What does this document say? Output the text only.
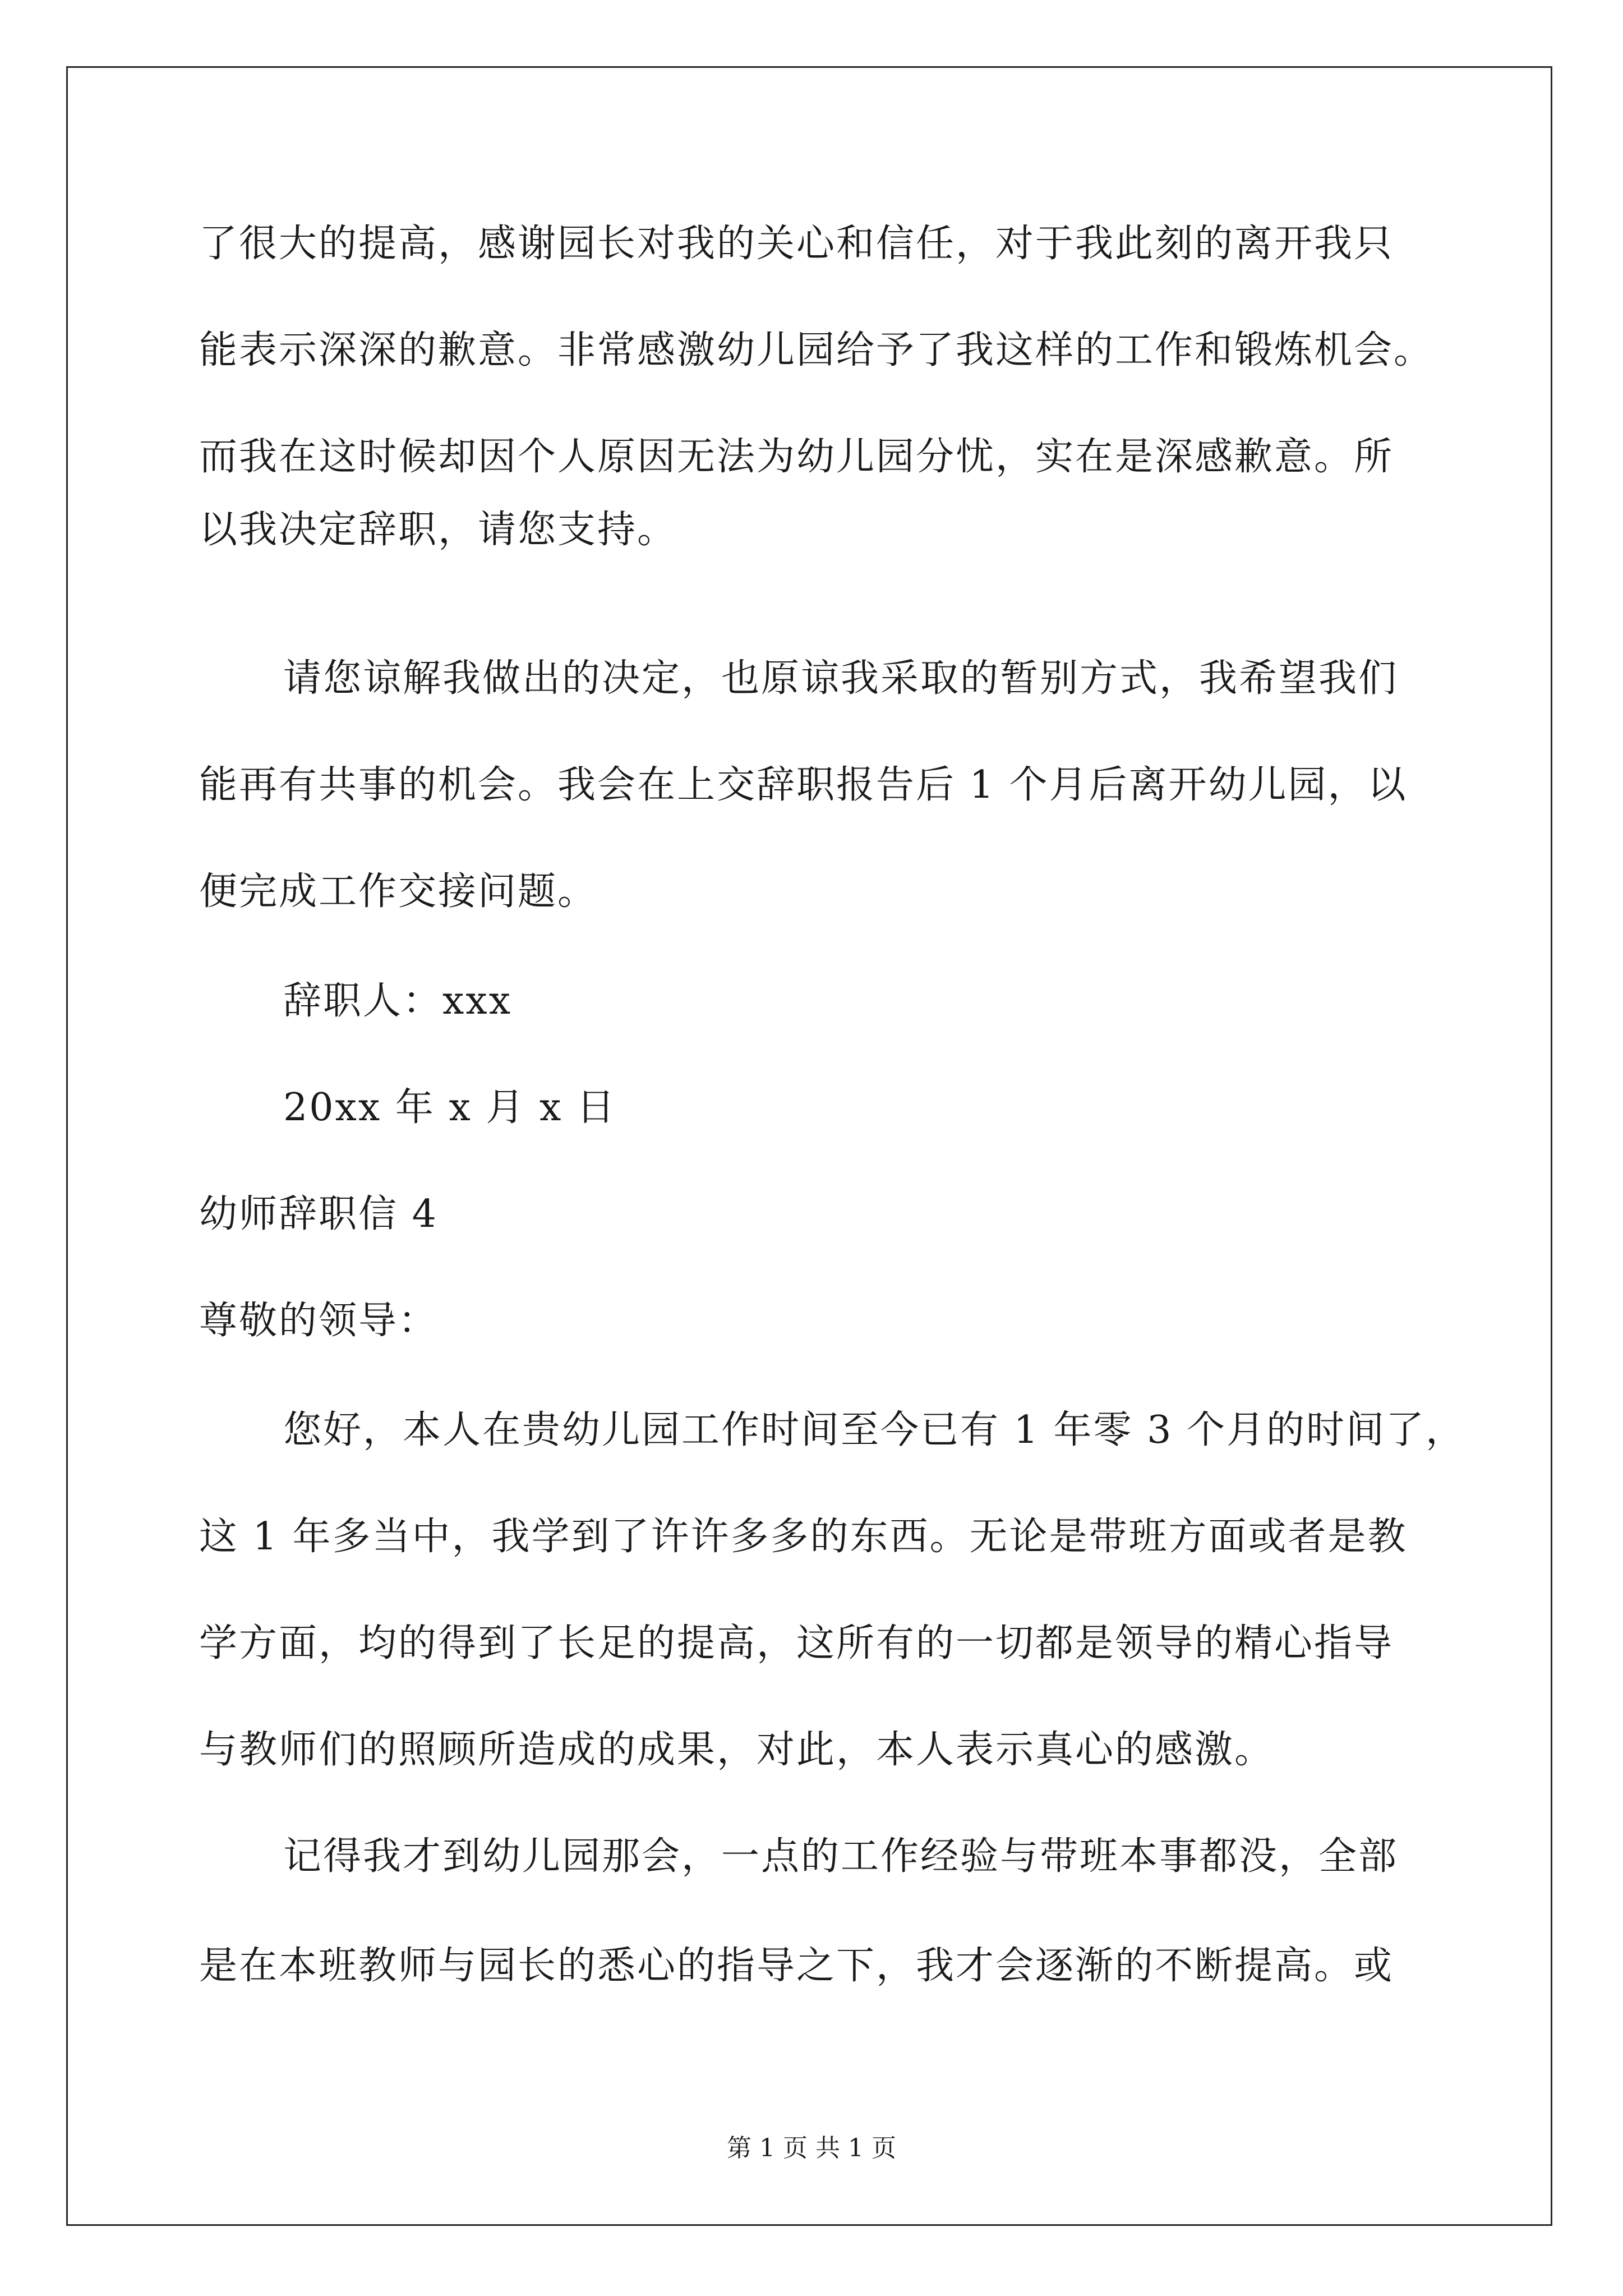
了很大的提高，感谢园长对我的关心和信任，对于我此刻的离开我只
能表示深深的歉意。非常感激幼儿园给予了我这样的工作和锻炼机会。
而我在这时候却因个人原因无法为幼儿园分忧，实在是深感歉意。所
以我决定辞职，请您支持。
请您谅解我做出的决定，也原谅我采取的暂别方式，我希望我们
能再有共事的机会。我会在上交辞职报告后 1 个月后离开幼儿园，以
便完成工作交接问题。
辞职人：xxx
20xx 年 x 月 x 日
幼师辞职信 4
尊敬的领导：
您好，本人在贵幼儿园工作时间至今已有 1 年零 3 个月的时间了，
这 1 年多当中，我学到了许许多多的东西。无论是带班方面或者是教
学方面，均的得到了长足的提高，这所有的一切都是领导的精心指导
与教师们的照顾所造成的成果，对此，本人表示真心的感激。
记得我才到幼儿园那会，一点的工作经验与带班本事都没，全部
是在本班教师与园长的悉心的指导之下，我才会逐渐的不断提高。或
第 1 页 共 1 页
